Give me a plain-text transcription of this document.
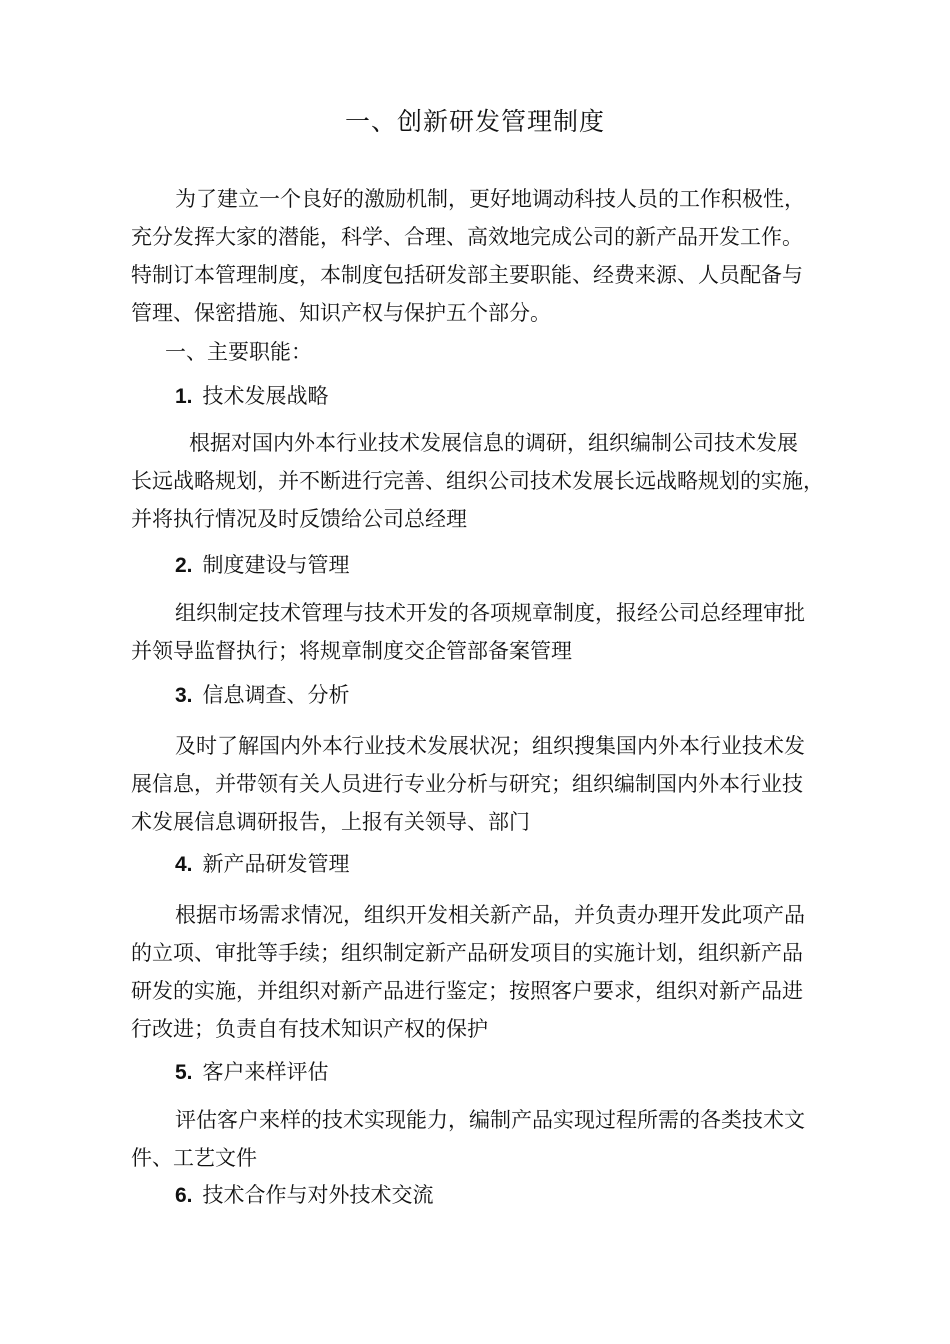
一、创新研发管理制度
为了建立一个良好的激励机制，更好地调动科技人员的工作积极性，
充分发挥大家的潜能，科学、合理、高效地完成公司的新产品开发工作。
特制订本管理制度，本制度包括研发部主要职能、经费来源、人员配备与
管理、保密措施、知识产权与保护五个部分。
一、主要职能：
1. 技术发展战略
根据对国内外本行业技术发展信息的调研，组织编制公司技术发展
长远战略规划，并不断进行完善、组织公司技术发展长远战略规划的实施，
并将执行情况及时反馈给公司总经理
2. 制度建设与管理
组织制定技术管理与技术开发的各项规章制度，报经公司总经理审批
并领导监督执行；将规章制度交企管部备案管理
3. 信息调查、分析
及时了解国内外本行业技术发展状况；组织搜集国内外本行业技术发
展信息，并带领有关人员进行专业分析与研究；组织编制国内外本行业技
术发展信息调研报告，上报有关领导、部门
4. 新产品研发管理
根据市场需求情况，组织开发相关新产品，并负责办理开发此项产品
的立项、审批等手续；组织制定新产品研发项目的实施计划，组织新产品
研发的实施，并组织对新产品进行鉴定；按照客户要求，组织对新产品进
行改进；负责自有技术知识产权的保护
5. 客户来样评估
评估客户来样的技术实现能力，编制产品实现过程所需的各类技术文
件、工艺文件
6. 技术合作与对外技术交流
